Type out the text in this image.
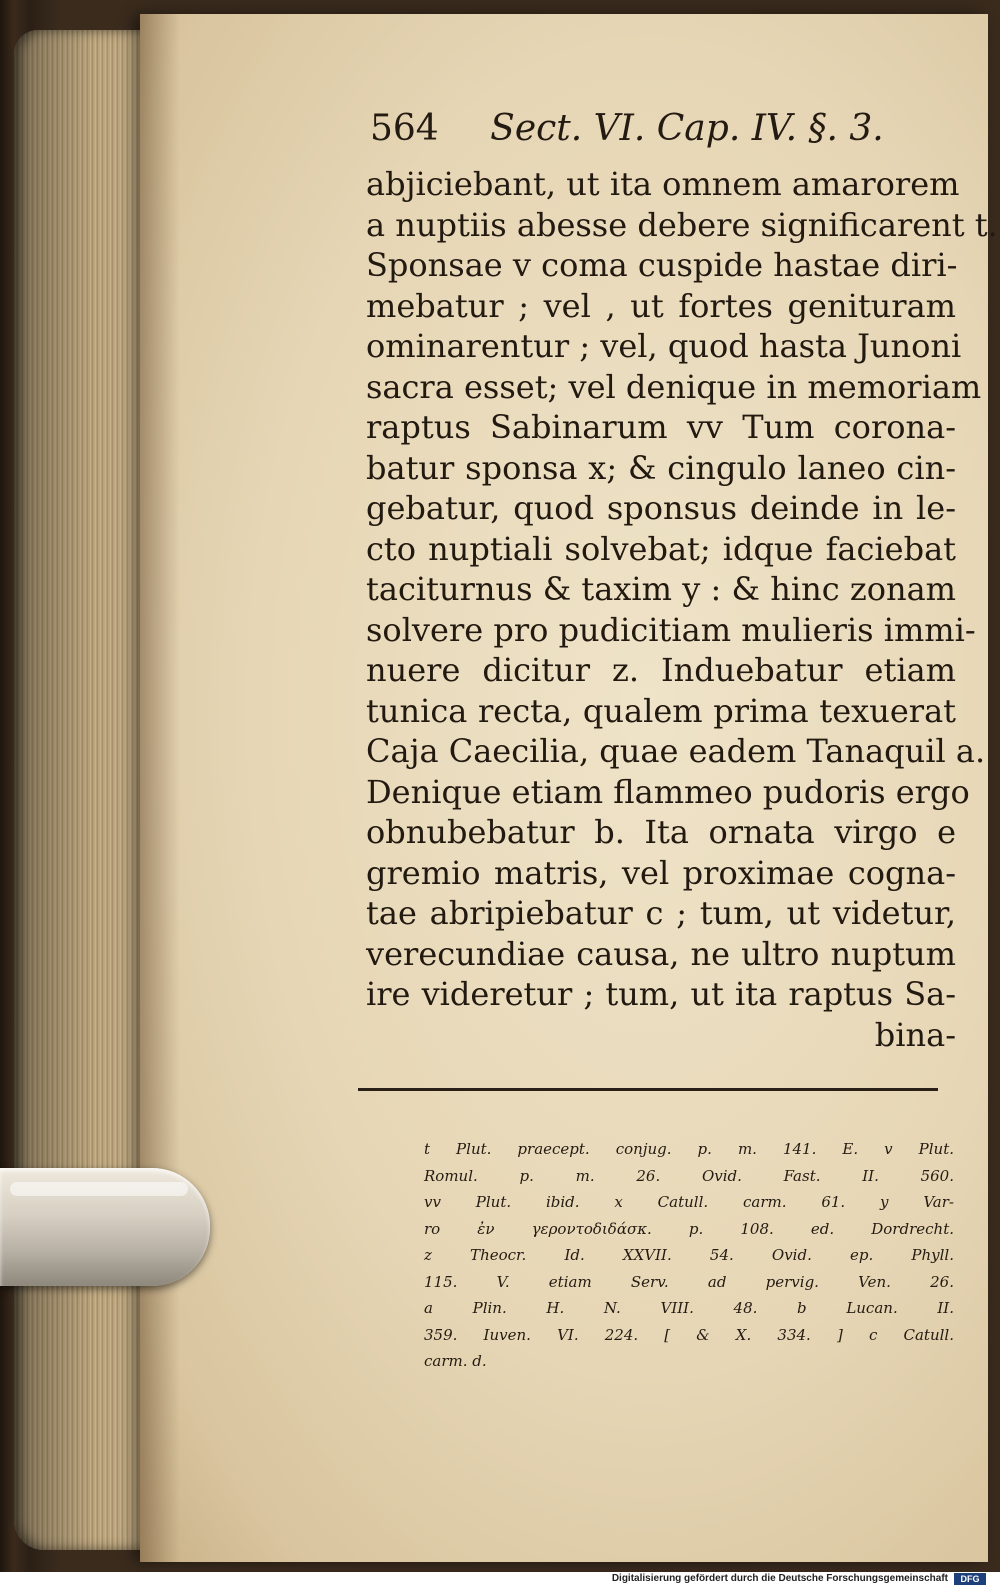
564 Sect. VI. Cap. IV. §. 3.
abjiciebant, ut ita omnem amarorem
a nuptiis abesse debere significarent t.
Sponsae v coma cuspide hastae diri-
mebatur ; vel , ut fortes genituram
ominarentur ; vel, quod hasta Junoni
sacra esset; vel denique in memoriam
raptus Sabinarum vv Tum corona-
batur sponsa x; & cingulo laneo cin-
gebatur, quod sponsus deinde in le-
cto nuptiali solvebat; idque faciebat
taciturnus & taxim y : & hinc zonam
solvere pro pudicitiam mulieris immi-
nuere dicitur z. Induebatur etiam
tunica recta, qualem prima texuerat
Caja Caecilia, quae eadem Tanaquil a.
Denique etiam flammeo pudoris ergo
obnubebatur b. Ita ornata virgo e
gremio matris, vel proximae cogna-
tae abripiebatur c ; tum, ut videtur,
verecundiae causa, ne ultro nuptum
ire videretur ; tum, ut ita raptus Sa-
bina-
t Plut. praecept. conjug. p. m. 141. E. v Plut.
Romul. p. m. 26. Ovid. Fast. II. 560.
vv Plut. ibid. x Catull. carm. 61. y Var-
ro ἐν γεροντοδιδάσκ. p. 108. ed. Dordrecht.
z Theocr. Id. XXVII. 54. Ovid. ep. Phyll.
115. V. etiam Serv. ad pervig. Ven. 26.
a Plin. H. N. VIII. 48. b Lucan. II.
359. Iuven. VI. 224. [ & X. 334. ] c Catull.
carm. d.
Digitalisierung gefördert durch die Deutsche Forschungsgemeinschaft	DFG
